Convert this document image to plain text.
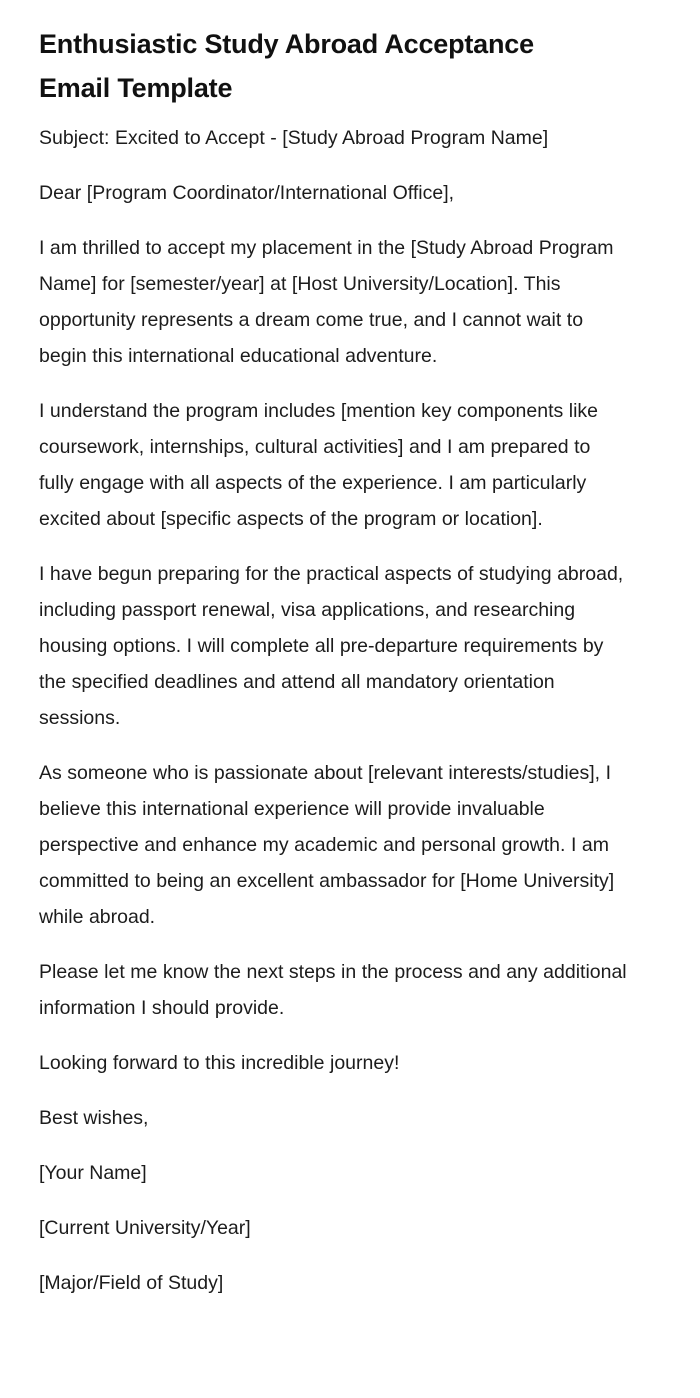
Enthusiastic Study Abroad Acceptance Email Template

Subject: Excited to Accept - [Study Abroad Program Name]

Dear [Program Coordinator/International Office],

I am thrilled to accept my placement in the [Study Abroad Program Name] for [semester/year] at [Host University/Location]. This opportunity represents a dream come true, and I cannot wait to begin this international educational adventure.

I understand the program includes [mention key components like coursework, internships, cultural activities] and I am prepared to fully engage with all aspects of the experience. I am particularly excited about [specific aspects of the program or location].

I have begun preparing for the practical aspects of studying abroad, including passport renewal, visa applications, and researching housing options. I will complete all pre-departure requirements by the specified deadlines and attend all mandatory orientation sessions.

As someone who is passionate about [relevant interests/studies], I believe this international experience will provide invaluable perspective and enhance my academic and personal growth. I am committed to being an excellent ambassador for [Home University] while abroad.

Please let me know the next steps in the process and any additional information I should provide.

Looking forward to this incredible journey!

Best wishes,

[Your Name]

[Current University/Year]

[Major/Field of Study]
